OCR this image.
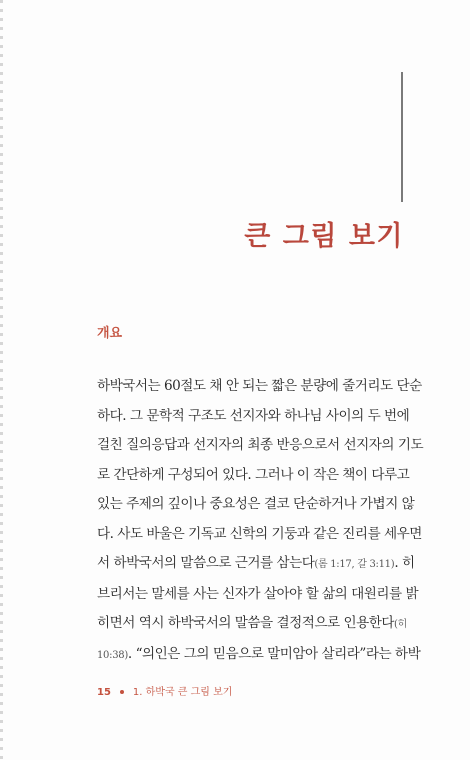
큰 그림 보기
개요
하박국서는 60절도 채 안 되는 짧은 분량에 줄거리도 단순
하다. 그 문학적 구조도 선지자와 하나님 사이의 두 번에
걸친 질의응답과 선지자의 최종 반응으로서 선지자의 기도
로 간단하게 구성되어 있다. 그러나 이 작은 책이 다루고
있는 주제의 깊이나 중요성은 결코 단순하거나 가볍지 않
다. 사도 바울은 기독교 신학의 기둥과 같은 진리를 세우면
서 하박국서의 말씀으로 근거를 삼는다(롬 1:17, 갈 3:11). 히
브리서는 말세를 사는 신자가 살아야 할 삶의 대원리를 밝
히면서 역시 하박국서의 말씀을 결정적으로 인용한다(히
10:38). “의인은 그의 믿음으로 말미암아 살리라”라는 하박
15 1. 하박국 큰 그림 보기
